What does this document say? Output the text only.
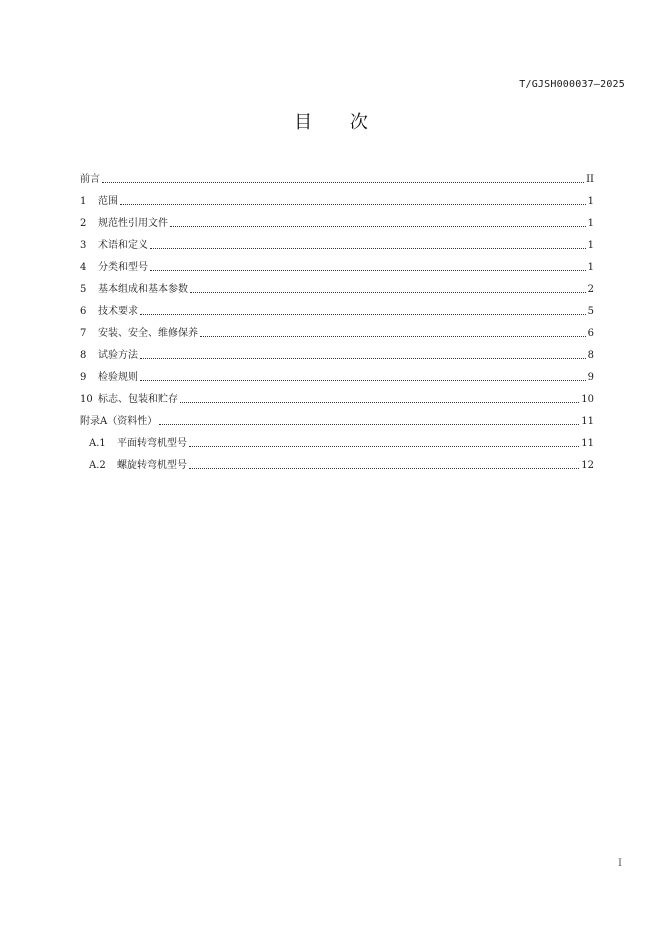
T/GJSH000037—2025
目 次
前言	II
1	范围	1
2	规范性引用文件	1
3	术语和定义	1
4	分类和型号	1
5	基本组成和基本参数	2
6	技术要求	5
7	安装、安全、维修保养	6
8	试验方法	8
9	检验规则	9
10 标志、包装和贮存	10
附录A（资料性）	11
A.1	平面转弯机型号	11
A.2	螺旋转弯机型号	12
I
